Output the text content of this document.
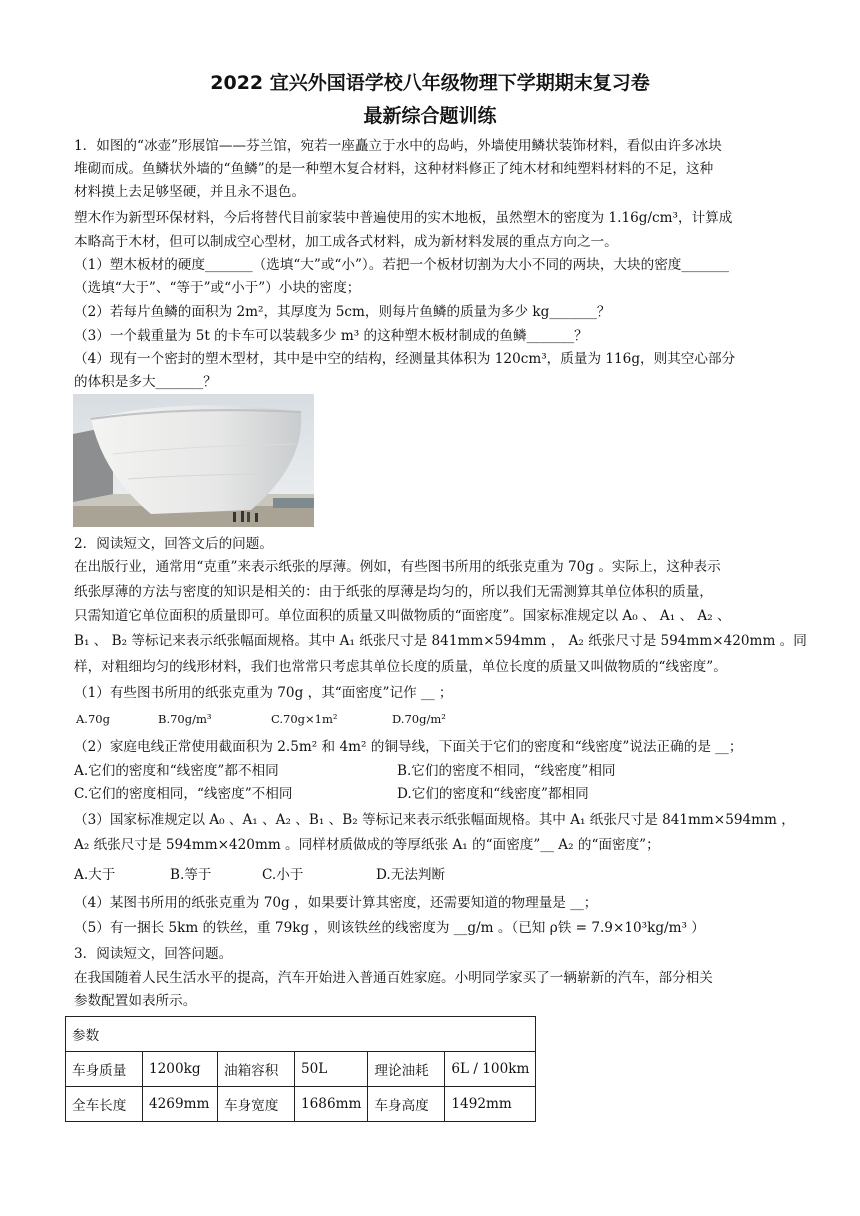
2022 宜兴外国语学校八年级物理下学期期末复习卷
最新综合题训练
1．如图的“冰壶”形展馆——芬兰馆，宛若一座矗立于水中的岛屿，外墙使用鳞状装饰材料，看似由许多冰块
堆砌而成。鱼鳞状外墙的“鱼鳞”的是一种塑木复合材料，这种材料修正了纯木材和纯塑料材料的不足，这种
材料摸上去足够坚硬，并且永不退色。
塑木作为新型环保材料，今后将替代目前家装中普遍使用的实木地板，虽然塑木的密度为 1.16g/cm³，计算成
本略高于木材，但可以制成空心型材，加工成各式材料，成为新材料发展的重点方向之一。
（1）塑木板材的硬度_______（选填“大”或“小”）。若把一个板材切割为大小不同的两块，大块的密度_______
（选填“大于”、“等于”或“小于”）小块的密度；
（2）若每片鱼鳞的面积为 2m²，其厚度为 5cm，则每片鱼鳞的质量为多少 kg_______？
（3）一个载重量为 5t 的卡车可以装载多少 m³ 的这种塑木板材制成的鱼鳞_______？
（4）现有一个密封的塑木型材，其中是中空的结构，经测量其体积为 120cm³，质量为 116g，则其空心部分
的体积是多大_______？
2．阅读短文，回答文后的问题。
在出版行业，通常用“克重”来表示纸张的厚薄。例如，有些图书所用的纸张克重为 70g 。实际上，这种表示
纸张厚薄的方法与密度的知识是相关的：由于纸张的厚薄是均匀的，所以我们无需测算其单位体积的质量，
只需知道它单位面积的质量即可。单位面积的质量又叫做物质的“面密度”。国家标准规定以 A₀ 、 A₁ 、 A₂ 、
B₁ 、 B₂ 等标记来表示纸张幅面规格。其中 A₁ 纸张尺寸是 841mm×594mm ， A₂ 纸张尺寸是 594mm×420mm 。同
样，对粗细均匀的线形材料，我们也常常只考虑其单位长度的质量，单位长度的质量又叫做物质的“线密度”。
（1）有些图书所用的纸张克重为 70g ，其“面密度”记作 __ ；
A.70g	B.70g/m³	C.70g×1m²	D.70g/m²
（2）家庭电线正常使用截面积为 2.5m² 和 4m² 的铜导线，下面关于它们的密度和“线密度”说法正确的是 __；
A.它们的密度和“线密度”都不相同	B.它们的密度不相同，“线密度”相同
C.它们的密度相同，“线密度”不相同	D.它们的密度和“线密度”都相同
（3）国家标准规定以 A₀ 、A₁ 、A₂ 、B₁ 、B₂ 等标记来表示纸张幅面规格。其中 A₁ 纸张尺寸是 841mm×594mm ，
A₂ 纸张尺寸是 594mm×420mm 。同样材质做成的等厚纸张 A₁ 的“面密度”__ A₂ 的“面密度”；
A.大于	B.等于	C.小于	D.无法判断
（4）某图书所用的纸张克重为 70g ，如果要计算其密度，还需要知道的物理量是 __；
（5）有一捆长 5km 的铁丝，重 79kg ，则该铁丝的线密度为 __g/m 。（已知 ρ铁 = 7.9×10³kg/m³ ）
3．阅读短文，回答问题。
在我国随着人民生活水平的提高，汽车开始进入普通百姓家庭。小明同学家买了一辆崭新的汽车，部分相关
参数配置如表所示。
参数					
车身质量	1200kg	油箱容积	50L	理论油耗	6L / 100km
全车长度	4269mm	车身宽度	1686mm	车身高度	1492mm
